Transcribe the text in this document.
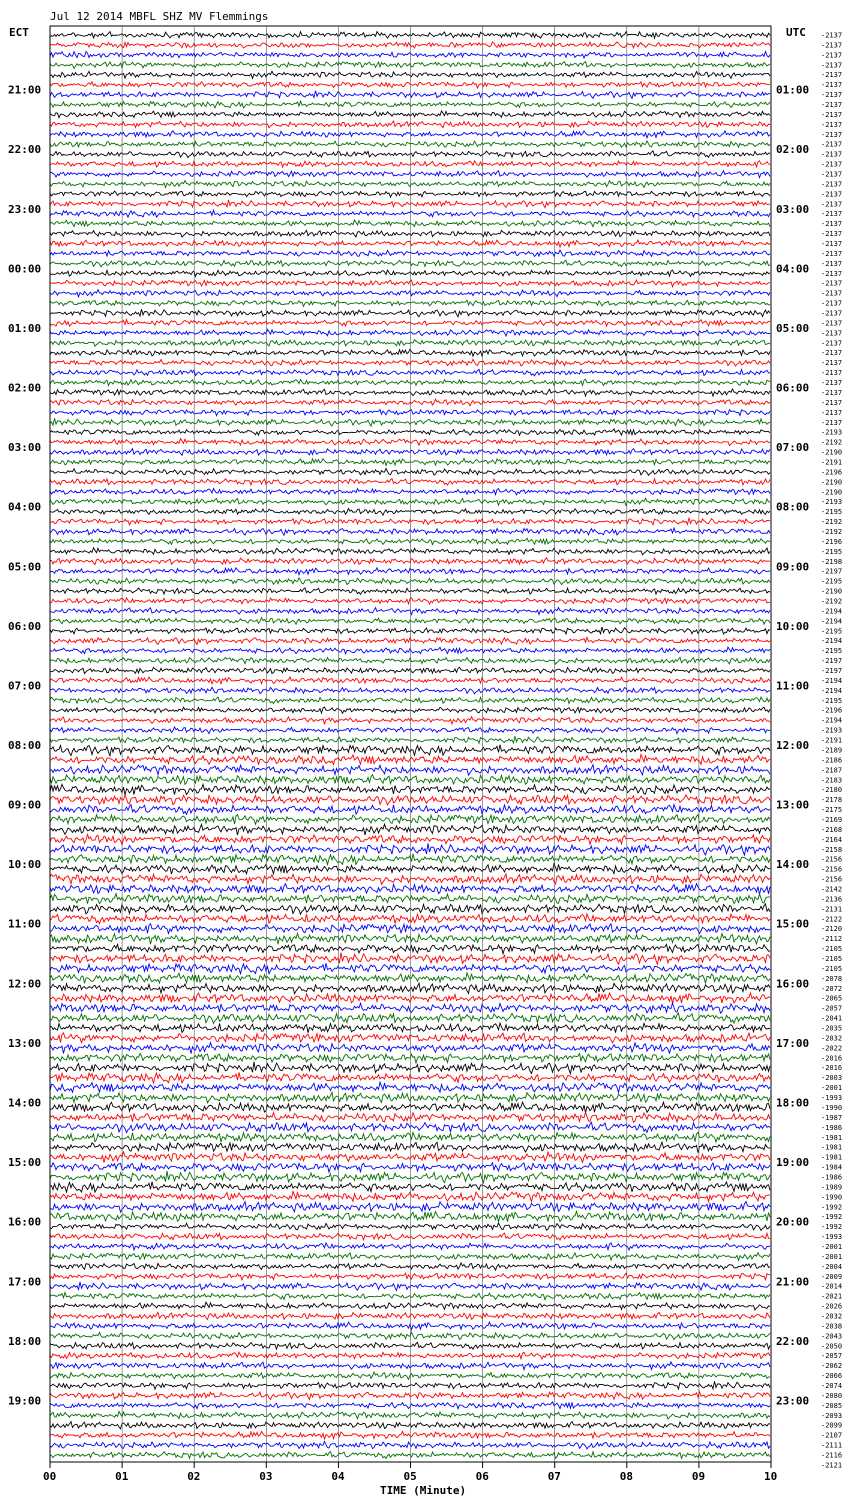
Jul 12 2014 MBFL SHZ MV Flemmings
ECT	UTC
21:00
22:00
23:00
00:00
01:00
02:00
03:00
04:00
05:00
06:00
07:00
08:00
09:00
10:00
11:00
12:00
13:00
14:00
15:00
16:00
17:00
18:00
19:00
01:00
02:00
03:00
04:00
05:00
06:00
07:00
08:00
09:00
10:00
11:00
12:00
13:00
14:00
15:00
16:00
17:00
18:00
19:00
20:00
21:00
22:00
23:00
-2137
-2137
-2137
-2137
-2137
-2137
-2137
-2137
-2137
-2137
-2137
-2137
-2137
-2137
-2137
-2137
-2137
-2137
-2137
-2137
-2137
-2137
-2137
-2137
-2137
-2137
-2137
-2137
-2137
-2137
-2137
-2137
-2137
-2137
-2137
-2137
-2137
-2137
-2137
-2137
-2193
-2192
-2190
-2191
-2196
-2190
-2190
-2193
-2195
-2192
-2192
-2196
-2195
-2198
-2197
-2195
-2190
-2192
-2194
-2194
-2195
-2194
-2195
-2197
-2197
-2194
-2194
-2195
-2196
-2194
-2193
-2191
-2189
-2186
-2187
-2183
-2180
-2178
-2175
-2169
-2168
-2164
-2158
-2156
-2156
-2156
-2142
-2136
-2131
-2122
-2120
-2112
-2105
-2105
-2105
-2078
-2072
-2065
-2057
-2041
-2035
-2032
-2022
-2016
-2016
-2003
-2001
-1993
-1990
-1987
-1986
-1981
-1981
-1981
-1984
-1986
-1989
-1990
-1992
-1992
-1992
-1993
-2001
-2001
-2004
-2009
-2014
-2021
-2026
-2032
-2038
-2043
-2050
-2057
-2062
-2066
-2074
-2080
-2085
-2093
-2099
-2107
-2111
-2116
-2121
00	01	02	03	04	05	06	07	08	09	10
TIME (Minute)
